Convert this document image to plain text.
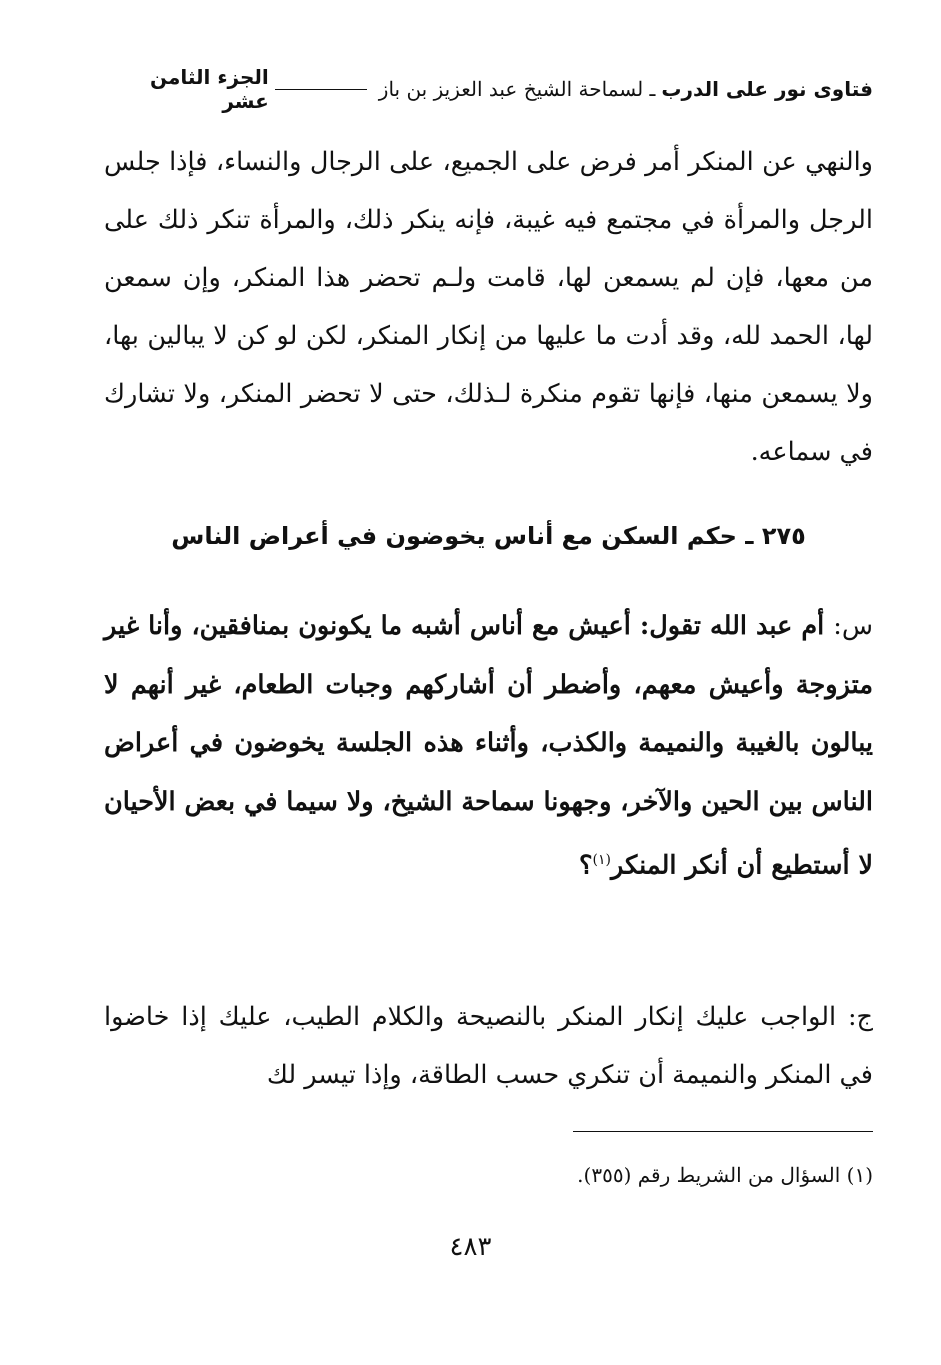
فتاوى نور على الدرب
ـ لسماحة الشيخ عبد العزيز بن باز
الجزء الثامن عشر
والنهي عن المنكر أمر فرض على الجميع، على الرجال والنساء، فإذا جلس الرجل والمرأة في مجتمع فيه غيبة، فإنه ينكر ذلك، والمرأة تنكر ذلك على من معها، فإن لم يسمعن لها، قامت ولـم تحضر هذا المنكر، وإن سمعن لها، الحمد لله، وقد أدت ما عليها من إنكار المنكر، لكن لو كن لا يبالين بها، ولا يسمعن منها، فإنها تقوم منكرة لـذلك، حتى لا تحضر المنكر، ولا تشارك في سماعه.
٢٧٥ ـ حكم السكن مع أناس يخوضون في أعراض الناس
س: أم عبد الله تقول: أعيش مع أناس أشبه ما يكونون بمنافقين، وأنا غير متزوجة وأعيش معهم، وأضطر أن أشاركهم وجبات الطعام، غير أنهم لا يبالون بالغيبة والنميمة والكذب، وأثناء هذه الجلسة يخوضون في أعراض الناس بين الحين والآخر، وجهونا سماحة الشيخ، ولا سيما في بعض الأحيان لا أستطيع أن أنكر المنكر$^{(١)}$؟
ج: الواجب عليك إنكار المنكر بالنصيحة والكلام الطيب، عليك إذا خاضوا في المنكر والنميمة أن تنكري حسب الطاقة، وإذا تيسر لك
(١) السؤال من الشريط رقم (٣٥٥).
٤٨٣
